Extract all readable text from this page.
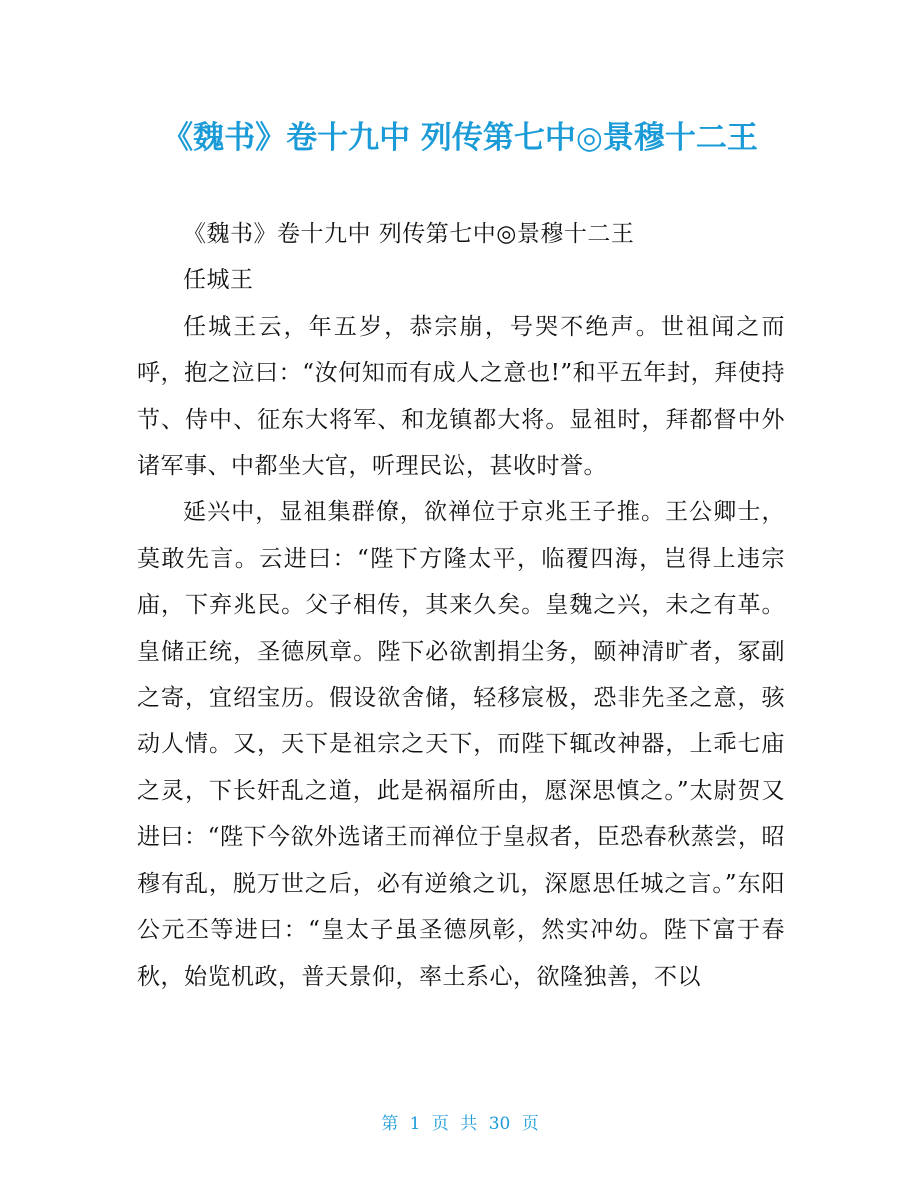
《魏书》卷十九中 列传第七中◎景穆十二王

《魏书》卷十九中 列传第七中◎景穆十二王

任城王

任城王云，年五岁，恭宗崩，号哭不绝声。世祖闻之而呼，抱之泣曰：“汝何知而有成人之意也!”和平五年封，拜使持节、侍中、征东大将军、和龙镇都大将。显祖时，拜都督中外诸军事、中都坐大官，听理民讼，甚收时誉。

延兴中，显祖集群僚，欲禅位于京兆王子推。王公卿士，莫敢先言。云进曰：“陛下方隆太平，临覆四海，岂得上违宗庙，下弃兆民。父子相传，其来久矣。皇魏之兴，未之有革。皇储正统，圣德夙章。陛下必欲割捐尘务，颐神清旷者，冢副之寄，宜绍宝历。假设欲舍储，轻移宸极，恐非先圣之意，骇动人情。又，天下是祖宗之天下，而陛下辄改神器，上乖七庙之灵，下长奸乱之道，此是祸福所由，愿深思慎之。”太尉贺又进曰：“陛下今欲外选诸王而禅位于皇叔者，臣恐春秋蒸尝，昭穆有乱，脱万世之后，必有逆飨之讥，深愿思任城之言。”东阳公元丕等进曰：“皇太子虽圣德夙彰，然实冲幼。陛下富于春秋，始览机政，普天景仰，率土系心，欲隆独善，不以

第 1 页 共 30 页
